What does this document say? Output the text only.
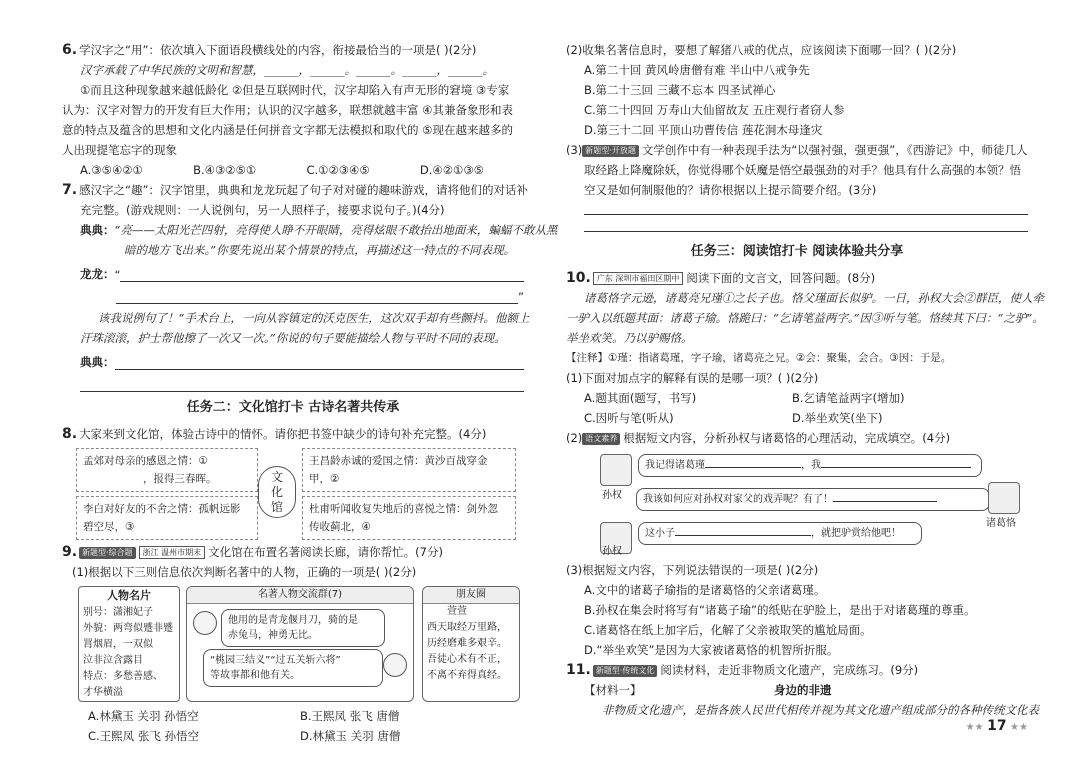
6. 学汉字之“用”：依次填入下面语段横线处的内容，衔接最恰当的一项是( )(2分)

汉字承载了中华民族的文明和智慧，______，______。______。______，______。

①而且这种现象越来越低龄化 ②但是互联网时代，汉字却陷入有声无形的窘境 ③专家

认为：汉字对智力的开发有巨大作用；认识的汉字越多，联想就越丰富 ④其兼备象形和表

意的特点及蕴含的思想和文化内涵是任何拼音文字都无法模拟和取代的 ⑤现在越来越多的

人出现提笔忘字的现象

A.③⑤④②①	B.④③②⑤①	C.①②③④⑤	D.④②①③⑤

7. 感汉字之“趣”：汉字馆里，典典和龙龙玩起了句子对对碰的趣味游戏，请将他们的对话补

充完整。(游戏规则：一人说例句，另一人照样子，接要求说句子。)(4分)

典典：“亮——太阳光芒四射，亮得使人睁不开眼睛，亮得炫眼不敢抬出地面来，蝙蝠不敢从黑

暗的地方飞出来。”你要先说出某个情景的特点，再描述这一特点的不同表现。

龙龙： “
”

该我说例句了！“手术台上，一向从容镇定的沃克医生，这次双手却有些颤抖。他额上

汗珠滚滚，护士帮他擦了一次又一次。”你说的句子要能描绘人物与平时不同的表现。

典典：
任务二：文化馆打卡 古诗名著共传承

8. 大家来到文化馆，体验古诗中的情怀。请你把书签中缺少的诗句补充完整。(4分)

孟郊对母亲的感恩之情：①
，报得三春晖。
王昌龄赤诚的爱国之情：黄沙百战穿金
甲，②
李白对好友的不舍之情：孤帆远影
碧空尽，③
杜甫听闻收复失地后的喜悦之情：剑外忽
传收蓟北，④
文化馆

9. 新题型·综合题 浙江 温州市期末 文化馆在布置名著阅读长廊，请你帮忙。(7分)

(1)根据以下三则信息依次判断名著中的人物，正确的一项是( )(2分)

人物名片
别号：潇湘妃子
外貌：两弯似蹙非蹙
罥烟眉，一双似
泣非泣含露目
特点：多愁善感、
才华横溢
名著人物交流群(7)
他用的是青龙偃月刀，骑的是
赤兔马，神勇无比。
“桃园三结义”“过五关斩六将”
等故事都和他有关。
朋友圈
萱萱
西天取经万里路，
历经磨难多艰辛。
吾徒心术有不正，
不离不弃得真经。
A.林黛玉 关羽 孙悟空	B.王熙凤 张飞 唐僧
C.王熙凤 张飞 孙悟空	D.林黛玉 关羽 唐僧

(2)收集名著信息时，要想了解猪八戒的优点，应该阅读下面哪一回？( )(2分)

A.第二十回 黄风岭唐僧有难 半山中八戒争先

B.第二十三回 三藏不忘本 四圣试禅心

C.第二十四回 万寿山大仙留故友 五庄观行者窃人参

D.第三十二回 平顶山功曹传信 莲花洞木母逢灾

(3) 新题型·开放题 文学创作中有一种表现手法为“以强衬强，强更强”，《西游记》中，师徒几人

取经路上降魔除妖，你觉得哪个妖魔是悟空最强劲的对手？他具有什么高强的本领？悟

空又是如何制服他的？请你根据以上提示简要介绍。(3分)

任务三：阅读馆打卡 阅读体验共分享

10. 广东 深圳市福田区期中 阅读下面的文言文，回答问题。(8分)

诸葛恪字元逊，诸葛亮兄瑾①之长子也。恪父瑾面长似驴。一日，孙权大会②群臣，使人牵

一驴入以纸题其面：诸葛子瑜。恪跪曰：“乞请笔益两字。”因③听与笔。恪续其下曰：“之驴”。

举坐欢笑。乃以驴赐恪。

【注释】①瑾：指诸葛瑾，字子瑜，诸葛亮之兄。②会：聚集，会合。③因：于是。

(1)下面对加点字的解释有误的是哪一项？( )(2分)

A.题其面(题写，书写)	B.乞请笔益两字(增加)
C.因听与笔(听从)	D.举坐欢笑(坐下)

(2) 语文素养 根据短文内容，分析孙权与诸葛恪的心理活动，完成填空。(4分)

孙权
我记得诸葛瑾	，我
我该如何应对孙权对家父的戏弄呢？有了！
诸葛恪
孙权
这小子	，就把驴赏给他吧！

(3)根据短文内容，下列说法错误的一项是( )(2分)

A.文中的诸葛子瑜指的是诸葛恪的父亲诸葛瑾。

B.孙权在集会时将写有“诸葛子瑜”的纸贴在驴脸上，是出于对诸葛瑾的尊重。

C.诸葛恪在纸上加字后，化解了父亲被取笑的尴尬局面。

D.“举坐欢笑”是因为大家被诸葛恪的机智所折服。

11. 新题型·传统文化 阅读材料，走近非物质文化遗产，完成练习。(9分)

【材料一】	身边的非遗

非物质文化遗产，是指各族人民世代相传并视为其文化遗产组成部分的各种传统文化表

★★ 17 ★★
